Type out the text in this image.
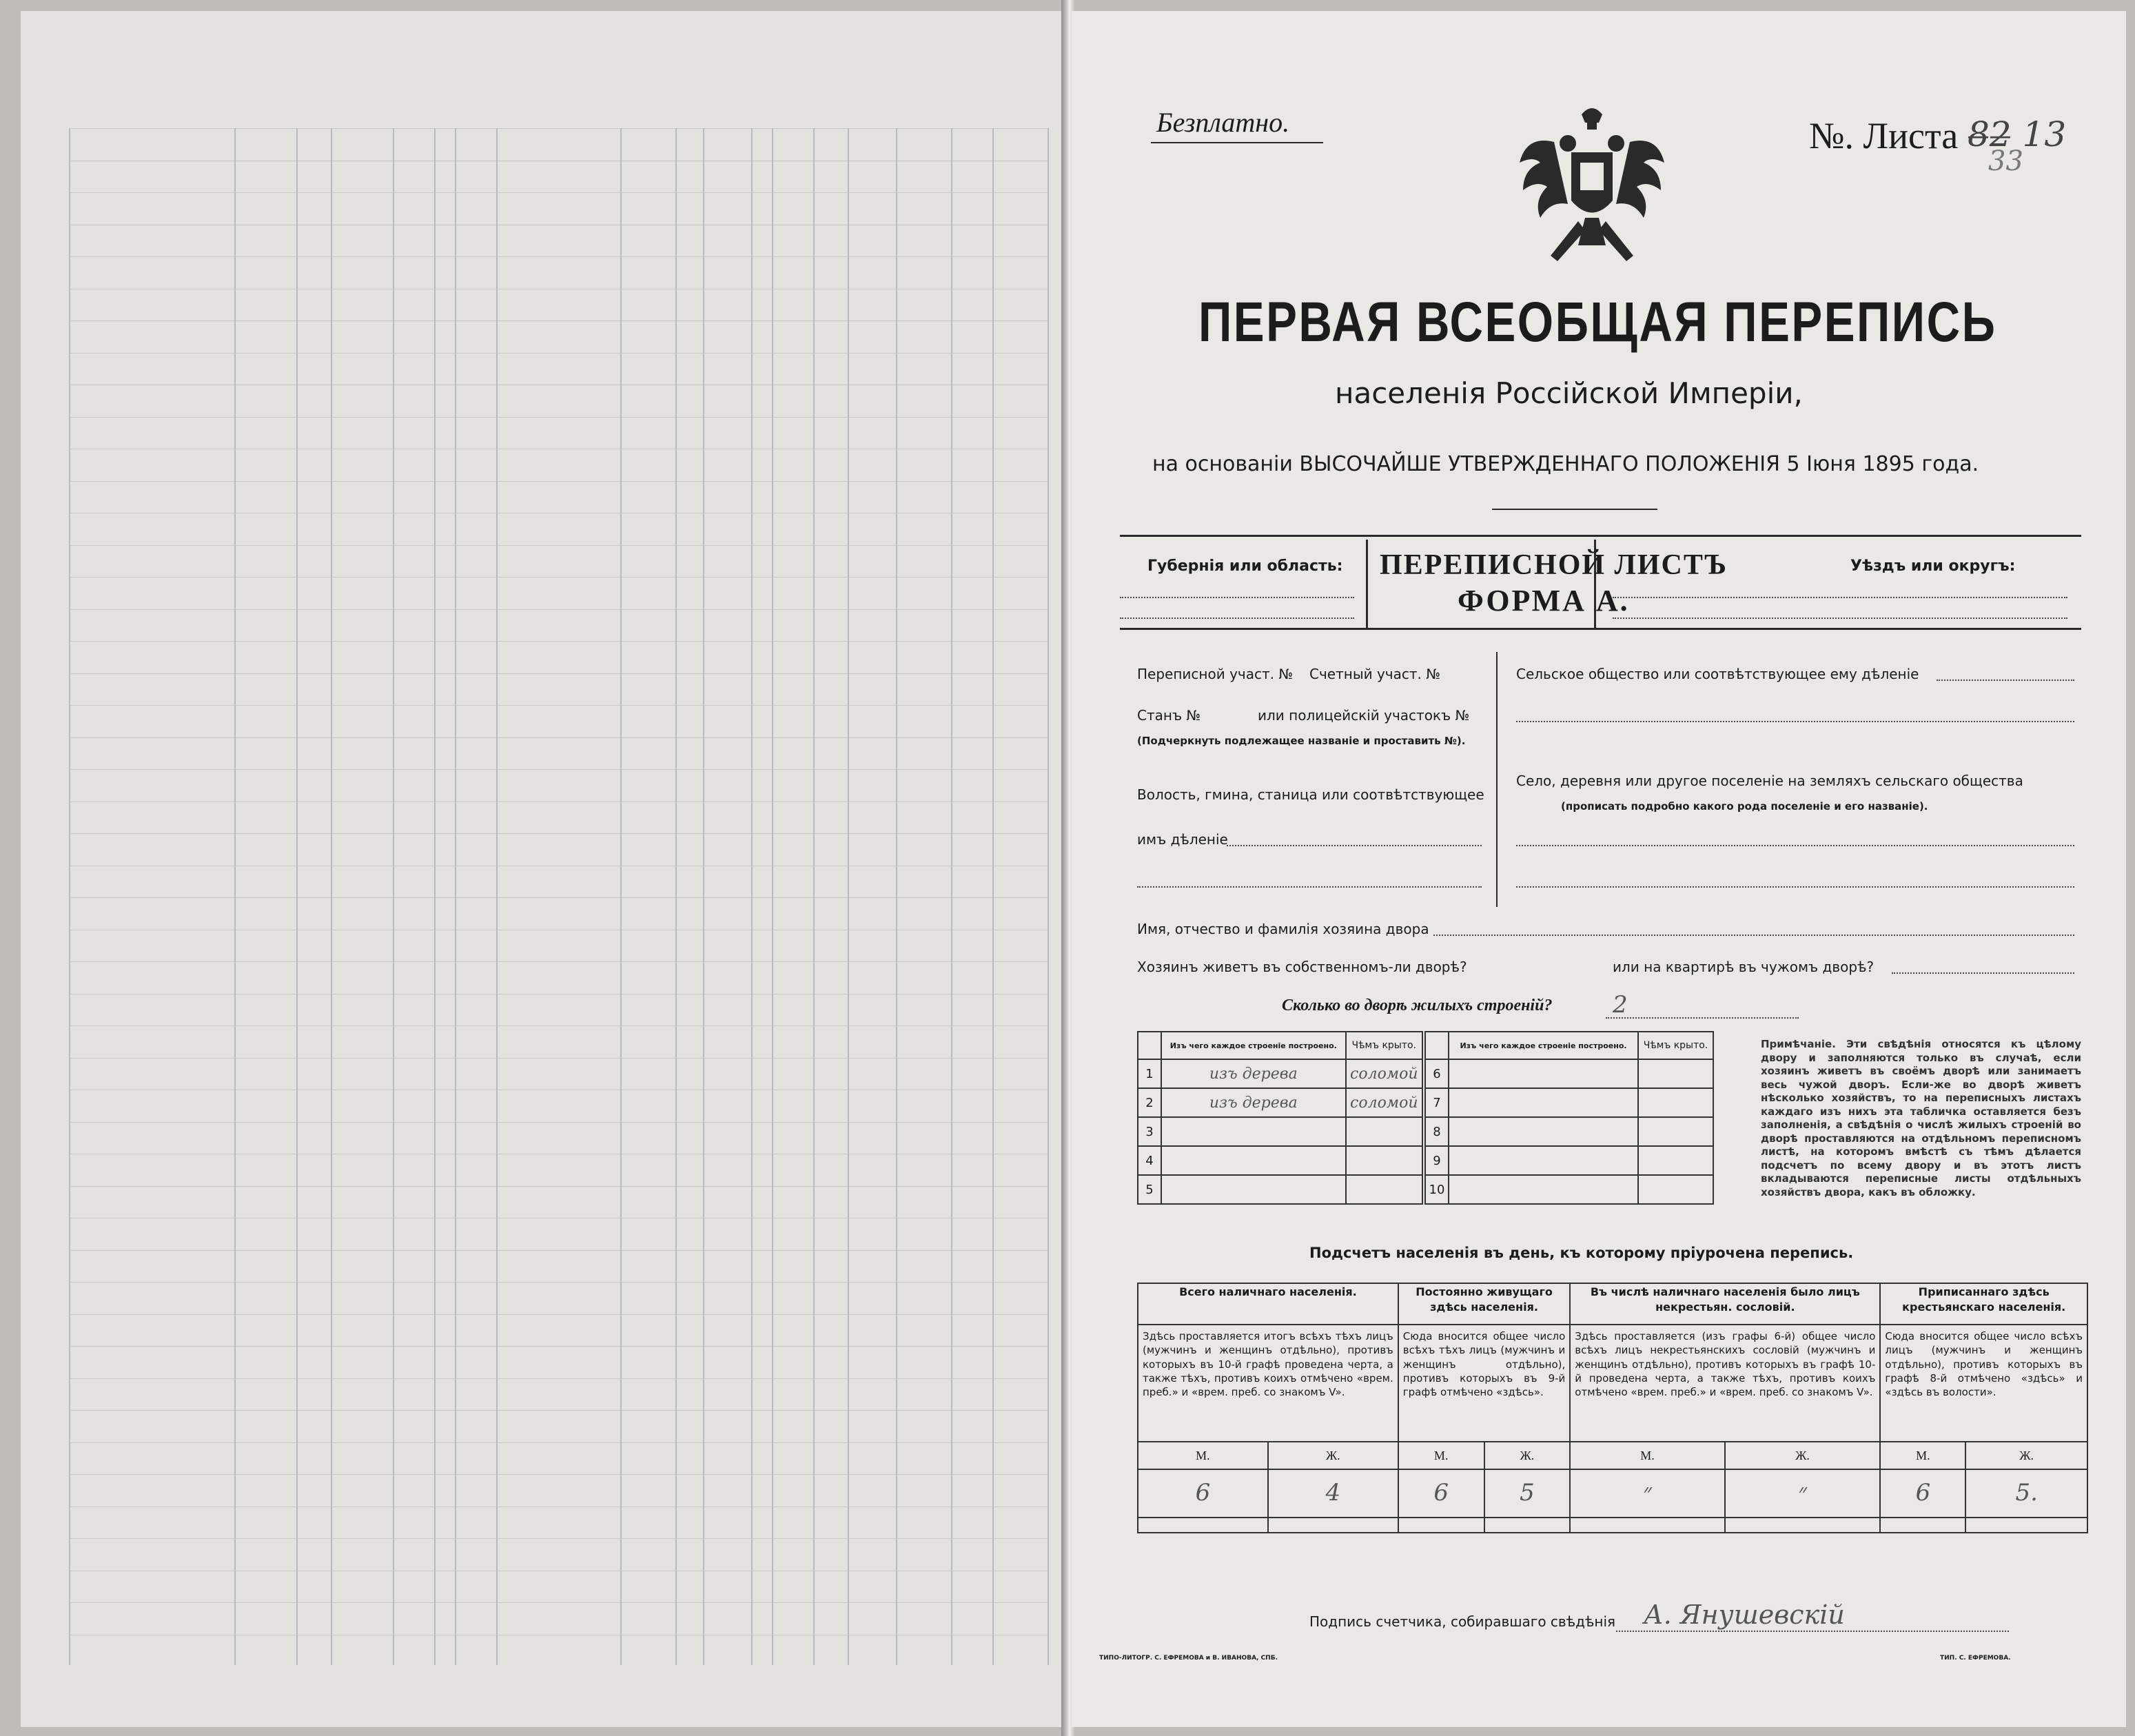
Безплатно.	№. Листа 8̶2̶ 13
33
ПЕРВАЯ ВСЕОБЩАЯ ПЕРЕПИСЬ
населенія Россійской Имперіи,
на основаніи ВЫСОЧАЙШЕ УТВЕРЖДЕННАГО ПОЛОЖЕНІЯ 5 Іюня 1895 года.
Губернія или область: ПЕРЕПИСНОЙ ЛИСТЪ
ФОРМА А.
Уѣздъ или округъ:
Переписной участ. № Счетный участ. №
Станъ №	или полицейскій участокъ №
(Подчеркнуть подлежащее названіе и проставить №).
Волость, гмина, станица или соотвѣтствующее
имъ дѣленіе
Сельское общество или соотвѣтствующее ему дѣленіе
Село, деревня или другое поселеніе на земляхъ сельскаго общества
(прописать подробно какого рода поселеніе и его названіе).
Имя, отчество и фамилія хозяина двора
Хозяинъ живетъ въ собственномъ-ли дворѣ?	или на квартирѣ въ чужомъ дворѣ?
Сколько во дворѣ жилыхъ строеній?	2
	Изъ чего каждое строеніе построено.	Чѣмъ крыто.
1	изъ дерева	соломой
2	изъ дерева	соломой
3		
4		
5		
	Изъ чего каждое строеніе построено.	Чѣмъ крыто.
6		
7		
8		
9		
10		
Примѣчаніе. Эти свѣдѣнія относятся къ цѣлому двору и заполняются только въ случаѣ, если хозяинъ живетъ въ своёмъ дворѣ или занимаетъ весь чужой дворъ. Если-же во дворѣ живетъ нѣсколько хозяйствъ, то на переписныхъ листахъ каждаго изъ нихъ эта табличка оставляется безъ заполненія, а свѣдѣнія о числѣ жилыхъ строеній во дворѣ проставляются на отдѣльномъ переписномъ листѣ, на которомъ вмѣстѣ съ тѣмъ дѣлается подсчетъ по всему двору и въ этотъ листъ вкладываются переписные листы отдѣльныхъ хозяйствъ двора, какъ въ обложку.
Подсчетъ населенія въ день, къ которому пріурочена перепись.
Всего наличнаго населенія.		Постоянно живущаго здѣсь населенія.		Въ числѣ наличнаго населенія было лицъ некрестьян. сословій.		Приписаннаго здѣсь крестьянскаго населенія.	
Здѣсь проставляется итогъ всѣхъ тѣхъ лицъ (мужчинъ и женщинъ отдѣльно), противъ которыхъ въ 10-й графѣ проведена черта, а также тѣхъ, противъ коихъ отмѣчено «врем. преб.» и «врем. преб. со знакомъ V».		Сюда вносится общее число всѣхъ тѣхъ лицъ (мужчинъ и женщинъ отдѣльно), противъ которыхъ въ 9-й графѣ отмѣчено «здѣсь».		Здѣсь проставляется (изъ графы 6-й) общее число всѣхъ лицъ некрестьянскихъ сословій (мужчинъ и женщинъ отдѣльно), противъ которыхъ въ графѣ 10-й проведена черта, а также тѣхъ, противъ коихъ отмѣчено «врем. преб.» и «врем. преб. со знакомъ V».		Сюда вносится общее число всѣхъ лицъ (мужчинъ и женщинъ отдѣльно), противъ которыхъ въ графѣ 8-й отмѣчено «здѣсь» и «здѣсь въ волости».	
М.	Ж.	М.	Ж.	М.	Ж.	М.	Ж.
6	4	6	5	״	״	6	5.

Подпись счетчика, собиравшаго свѣдѣнія А. Янушевскій
ТИПО-ЛИТОГР. С. ЕФРЕМОВА и В. ИВАНОВА, СПБ.	ТИП. С. ЕФРЕМОВА.
